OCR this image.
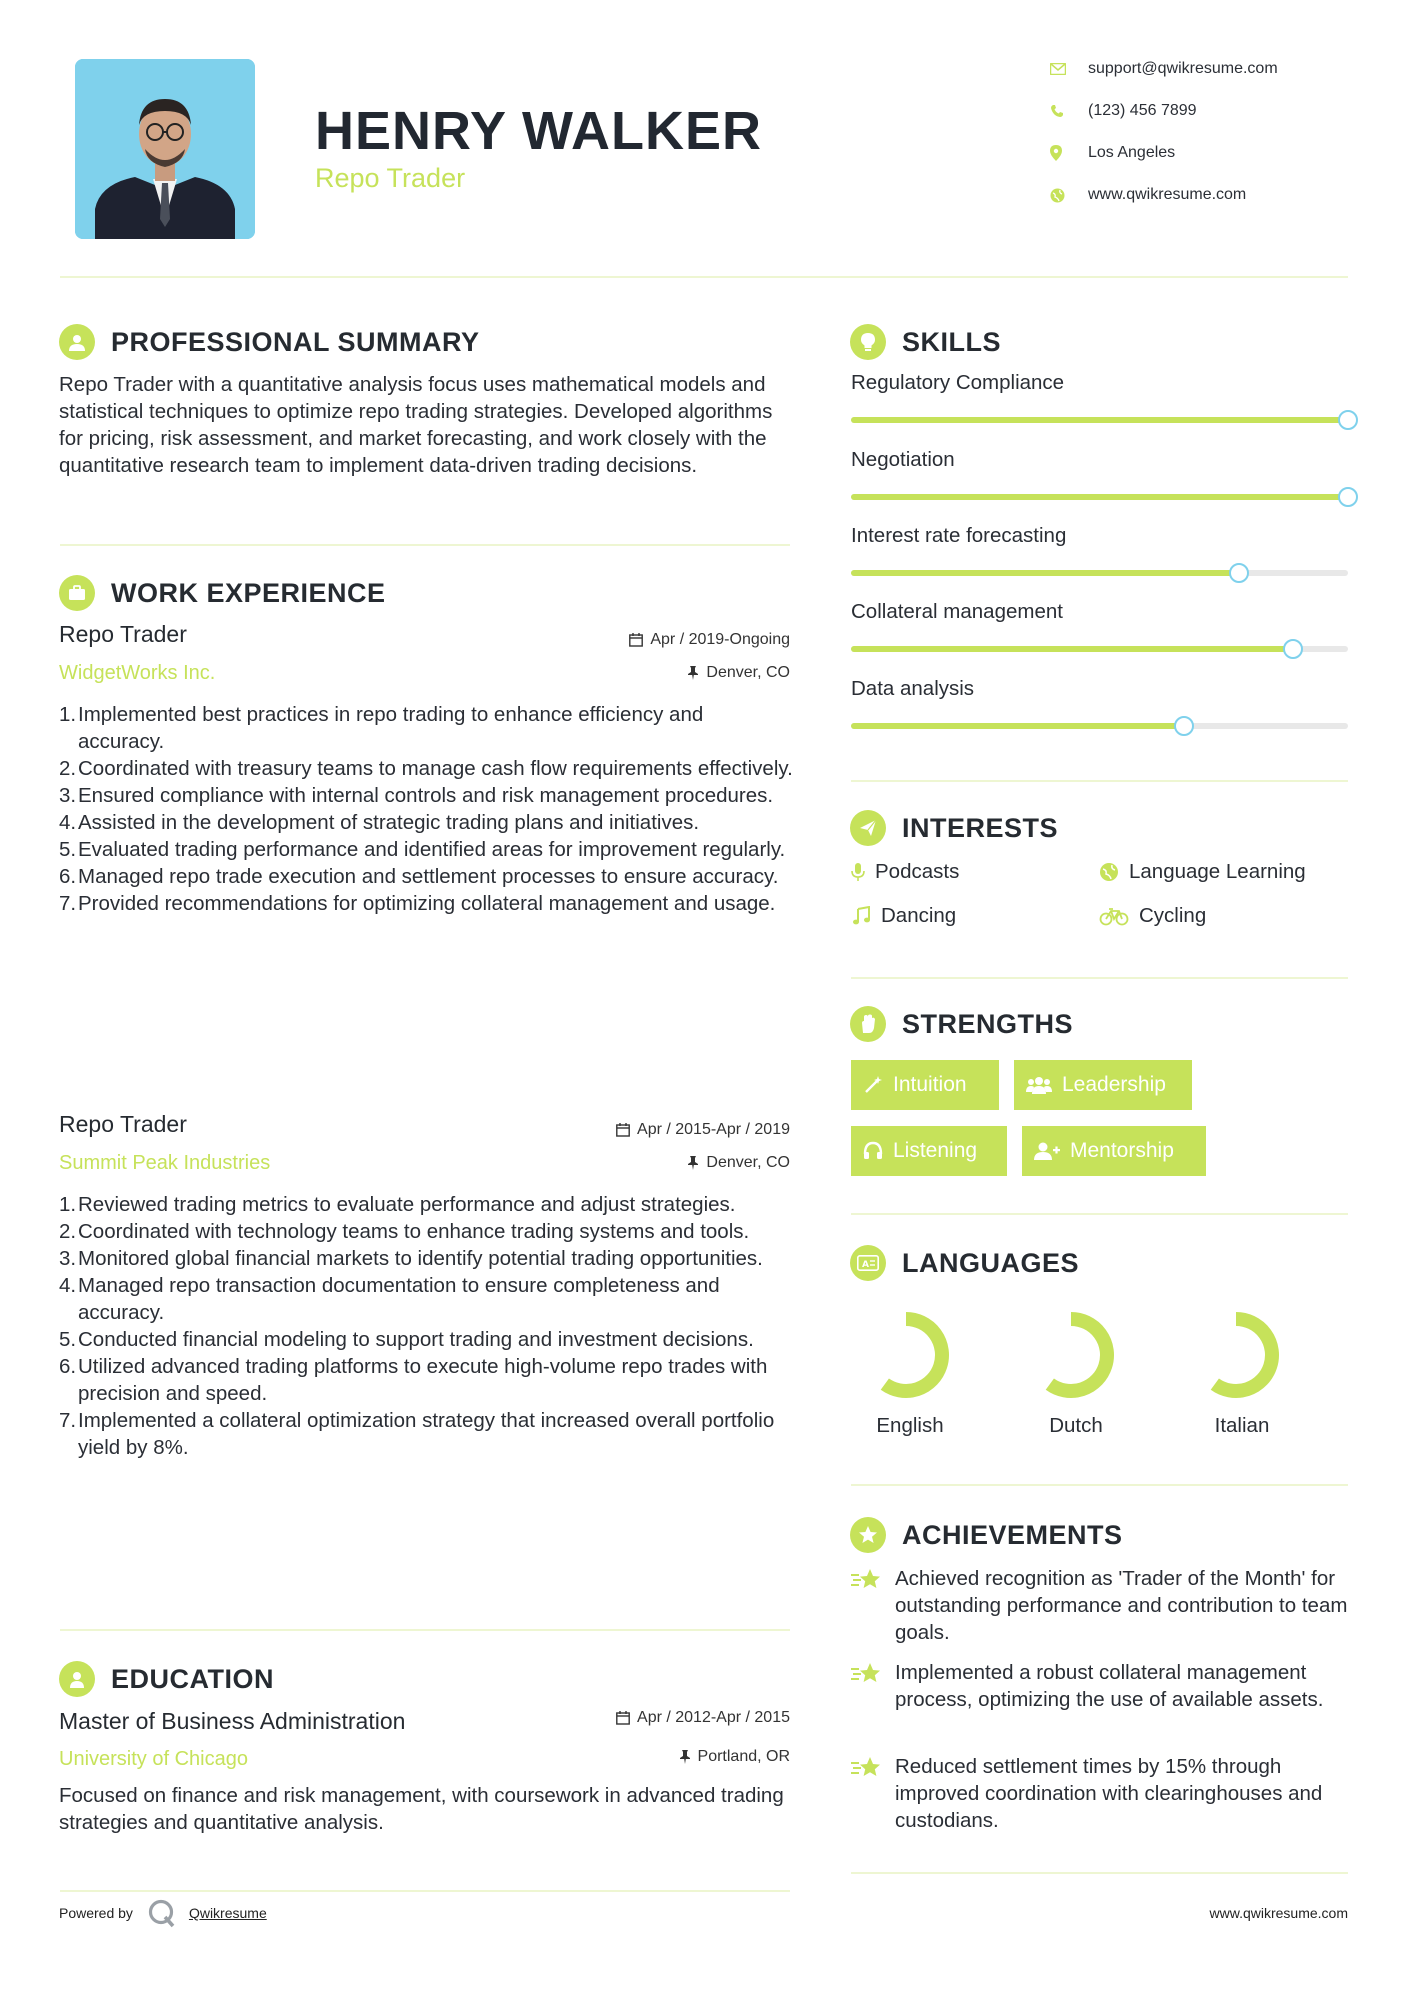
HENRY WALKER
Repo Trader
support@qwikresume.com
(123) 456 7899
Los Angeles
www.qwikresume.com
PROFESSIONAL SUMMARY
Repo Trader with a quantitative analysis focus uses mathematical models and statistical techniques to optimize repo trading strategies. Developed algorithms for pricing, risk assessment, and market forecasting, and work closely with the quantitative research team to implement data-driven trading decisions.
WORK EXPERIENCE
Repo Trader
WidgetWorks Inc.
Apr / 2019-Ongoing
Denver, CO
1. Implemented best practices in repo trading to enhance efficiency and accuracy.
2. Coordinated with treasury teams to manage cash flow requirements effectively.
3. Ensured compliance with internal controls and risk management procedures.
4. Assisted in the development of strategic trading plans and initiatives.
5. Evaluated trading performance and identified areas for improvement regularly.
6. Managed repo trade execution and settlement processes to ensure accuracy.
7. Provided recommendations for optimizing collateral management and usage.
Repo Trader
Summit Peak Industries
Apr / 2015-Apr / 2019
Denver, CO
1. Reviewed trading metrics to evaluate performance and adjust strategies.
2. Coordinated with technology teams to enhance trading systems and tools.
3. Monitored global financial markets to identify potential trading opportunities.
4. Managed repo transaction documentation to ensure completeness and accuracy.
5. Conducted financial modeling to support trading and investment decisions.
6. Utilized advanced trading platforms to execute high-volume repo trades with precision and speed.
7. Implemented a collateral optimization strategy that increased overall portfolio yield by 8%.
EDUCATION
Master of Business Administration
University of Chicago
Apr / 2012-Apr / 2015
Portland, OR
Focused on finance and risk management, with coursework in advanced trading strategies and quantitative analysis.
SKILLS
Regulatory Compliance
Negotiation
Interest rate forecasting
Collateral management
Data analysis
INTERESTS
Podcasts	Language Learning
Dancing	Cycling
STRENGTHS
Intuition	Leadership
Listening	Mentorship
A LANGUAGES
English	Dutch	Italian
ACHIEVEMENTS
Achieved recognition as 'Trader of the Month' for outstanding performance and contribution to team goals.
Implemented a robust collateral management process, optimizing the use of available assets.
Reduced settlement times by 15% through improved coordination with clearinghouses and custodians.
Powered by	Qwikresume	www.qwikresume.com
